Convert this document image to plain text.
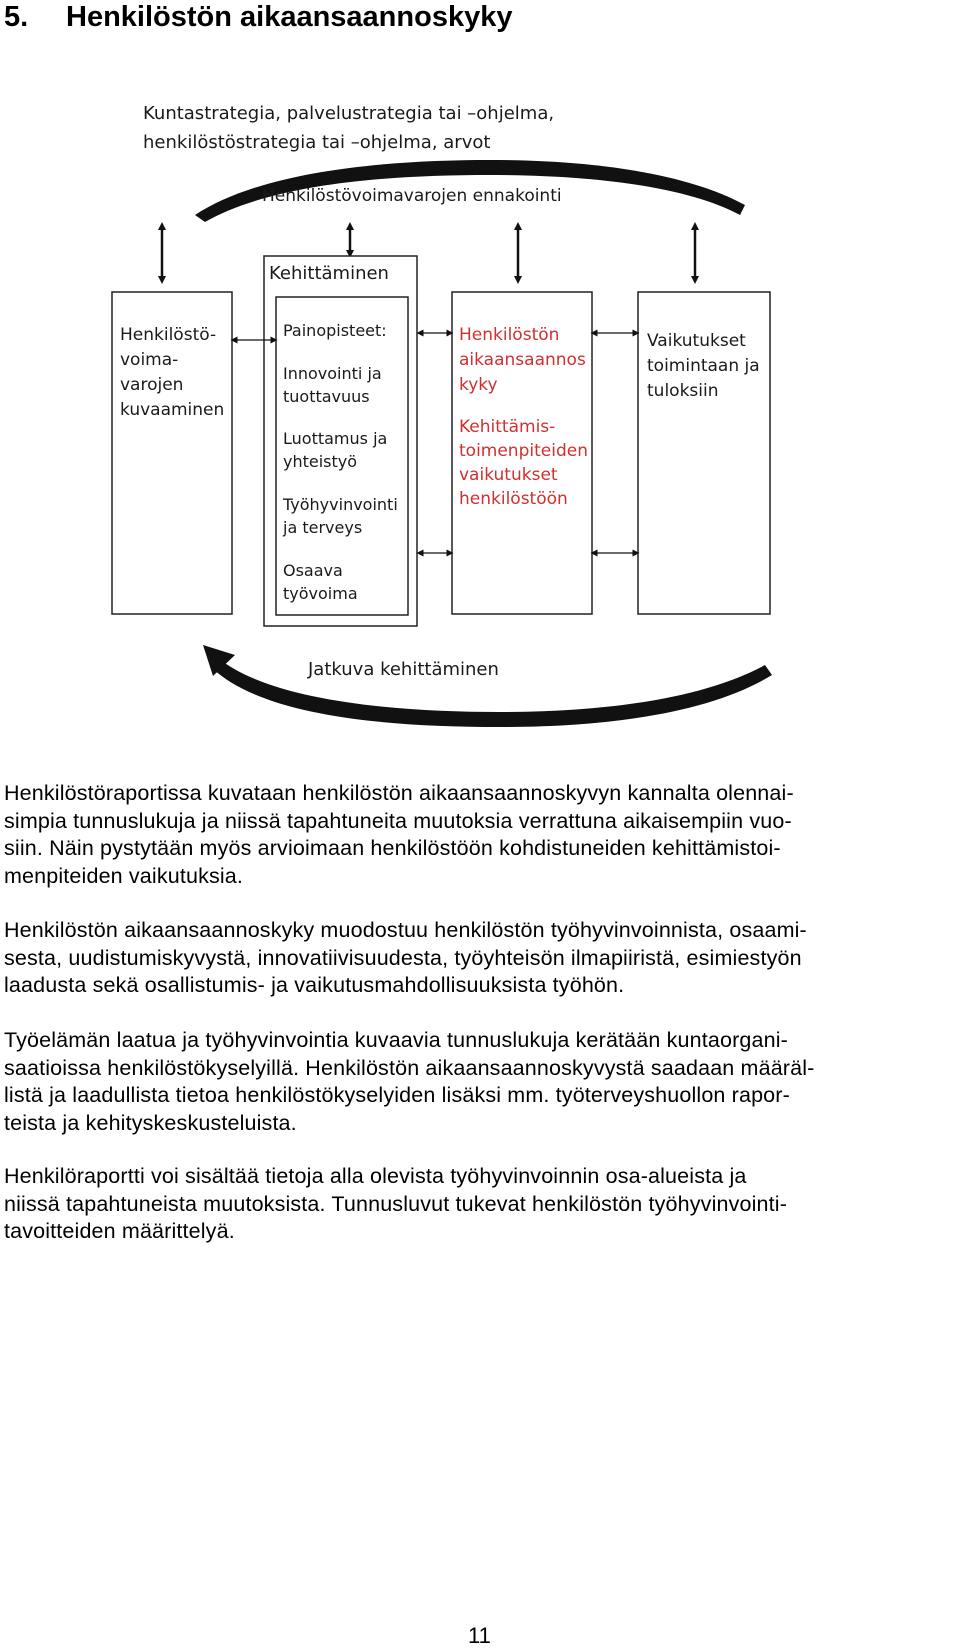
5. Henkilöstön aikaansaannoskyky
Kuntastrategia, palvelustrategia tai –ohjelma,
henkilöstöstrategia tai –ohjelma, arvot
Henkilöstövoimavarojen ennakointi
Henkilöstö- voima- varojen kuvaaminen
Kehittäminen
Painopisteet: Innovointi ja tuottavuus Luottamus ja yhteistyö Työhyvinvointi ja terveys Osaava työvoima
Henkilöstön aikaansaannos kyky
Kehittämis- toimenpiteiden vaikutukset henkilöstöön
Vaikutukset toimintaan ja tuloksiin
Jatkuva kehittäminen
Henkilöstöraportissa kuvataan henkilöstön aikaansaannoskyvyn kannalta olennai-
simpia tunnuslukuja ja niissä tapahtuneita muutoksia verrattuna aikaisempiin vuo-
siin. Näin pystytään myös arvioimaan henkilöstöön kohdistuneiden kehittämistoi-
menpiteiden vaikutuksia.
Henkilöstön aikaansaannoskyky muodostuu henkilöstön työhyvinvoinnista, osaami-
sesta, uudistumiskyvystä, innovatiivisuudesta, työyhteisön ilmapiiristä, esimiestyön
laadusta sekä osallistumis- ja vaikutusmahdollisuuksista työhön.
Työelämän laatua ja työhyvinvointia kuvaavia tunnuslukuja kerätään kuntaorgani-
saatioissa henkilöstökyselyillä. Henkilöstön aikaansaannoskyvystä saadaan määräl-
listä ja laadullista tietoa henkilöstökyselyiden lisäksi mm. työterveyshuollon rapor-
teista ja kehityskeskusteluista.
Henkilöraportti voi sisältää tietoja alla olevista työhyvinvoinnin osa-alueista ja
niissä tapahtuneista muutoksista. Tunnusluvut tukevat henkilöstön työhyvinvointi-
tavoitteiden määrittelyä.
11
